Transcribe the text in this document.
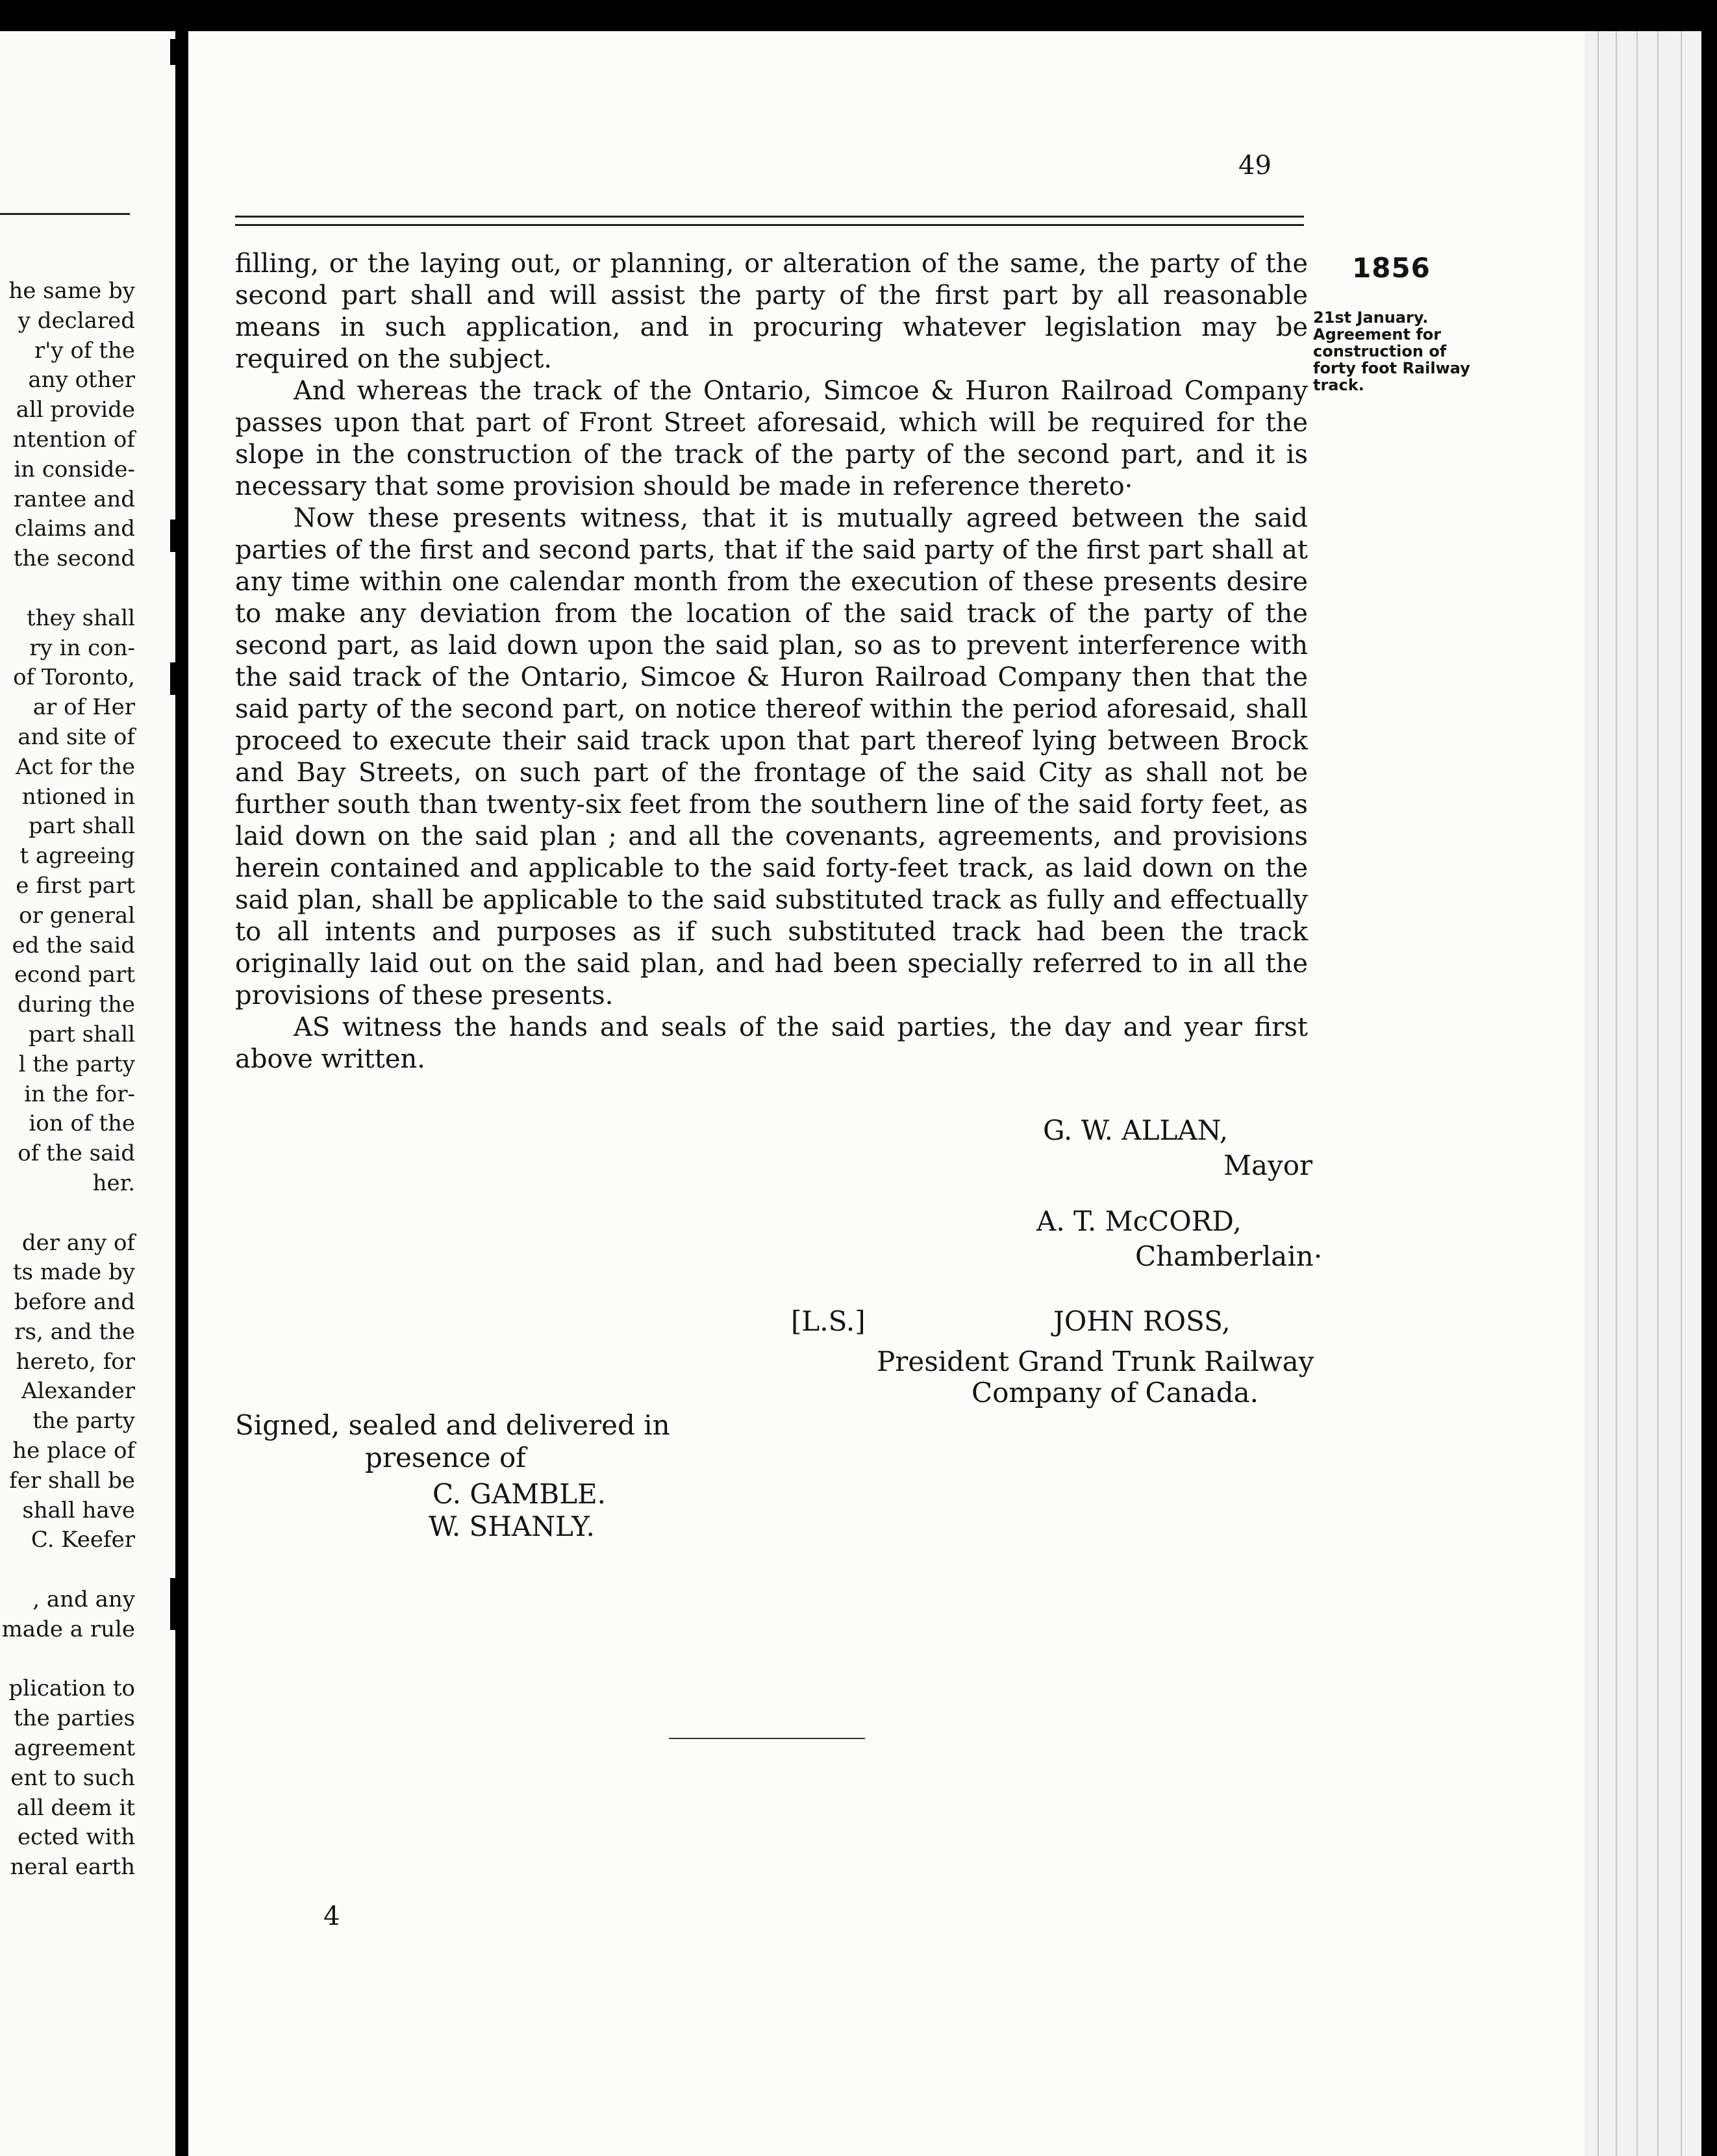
he same by
y declared
r'y of the
any other
all provide
ntention of
in conside-
rantee and
claims and
the second

they shall
ry in con-
of Toronto,
ar of Her
and site of
Act for the
ntioned in
part shall
t agreeing
e first part
or general
ed the said
econd part
during the
part shall
l the party
in the for-
ion of the
of the said
her.

der any of
ts made by
before and
rs, and the
hereto, for
Alexander
the party
he place of
fer shall be
shall have
C. Keefer

, and any
made a rule

plication to
the parties
agreement
ent to such
all deem it
ected with
neral earth
49
1856
21st January. Agreement for construction of forty foot Railway track.

filling, or the laying out, or planning, or alteration of the same, the party of the second part shall and will assist the party of the first part by all reasonable means in such application, and in procuring whatever legislation may be required on the subject.

And whereas the track of the Ontario, Simcoe & Huron Railroad Company passes upon that part of Front Street aforesaid, which will be required for the slope in the construction of the track of the party of the second part, and it is necessary that some provision should be made in reference thereto·

Now these presents witness, that it is mutually agreed between the said parties of the first and second parts, that if the said party of the first part shall at any time within one calendar month from the execution of these presents desire to make any deviation from the location of the said track of the party of the second part, as laid down upon the said plan, so as to prevent interference with the said track of the Ontario, Simcoe & Huron Railroad Company then that the said party of the second part, on notice thereof within the period aforesaid, shall proceed to execute their said track upon that part thereof lying between Brock and Bay Streets, on such part of the frontage of the said City as shall not be further south than twenty-six feet from the southern line of the said forty feet, as laid down on the said plan ; and all the covenants, agreements, and provisions herein contained and applicable to the said forty-feet track, as laid down on the said plan, shall be applicable to the said substituted track as fully and effectually to all intents and purposes as if such substituted track had been the track originally laid out on the said plan, and had been specially referred to in all the provisions of these presents.

AS witness the hands and seals of the said parties, the day and year first above written.

G. W. ALLAN,
Mayor
A. T. McCORD,
Chamberlain·
[L.S.]	JOHN ROSS,
President Grand Trunk Railway
Company of Canada.
Signed, sealed and delivered in
presence of
C. GAMBLE.
W. SHANLY.
4
